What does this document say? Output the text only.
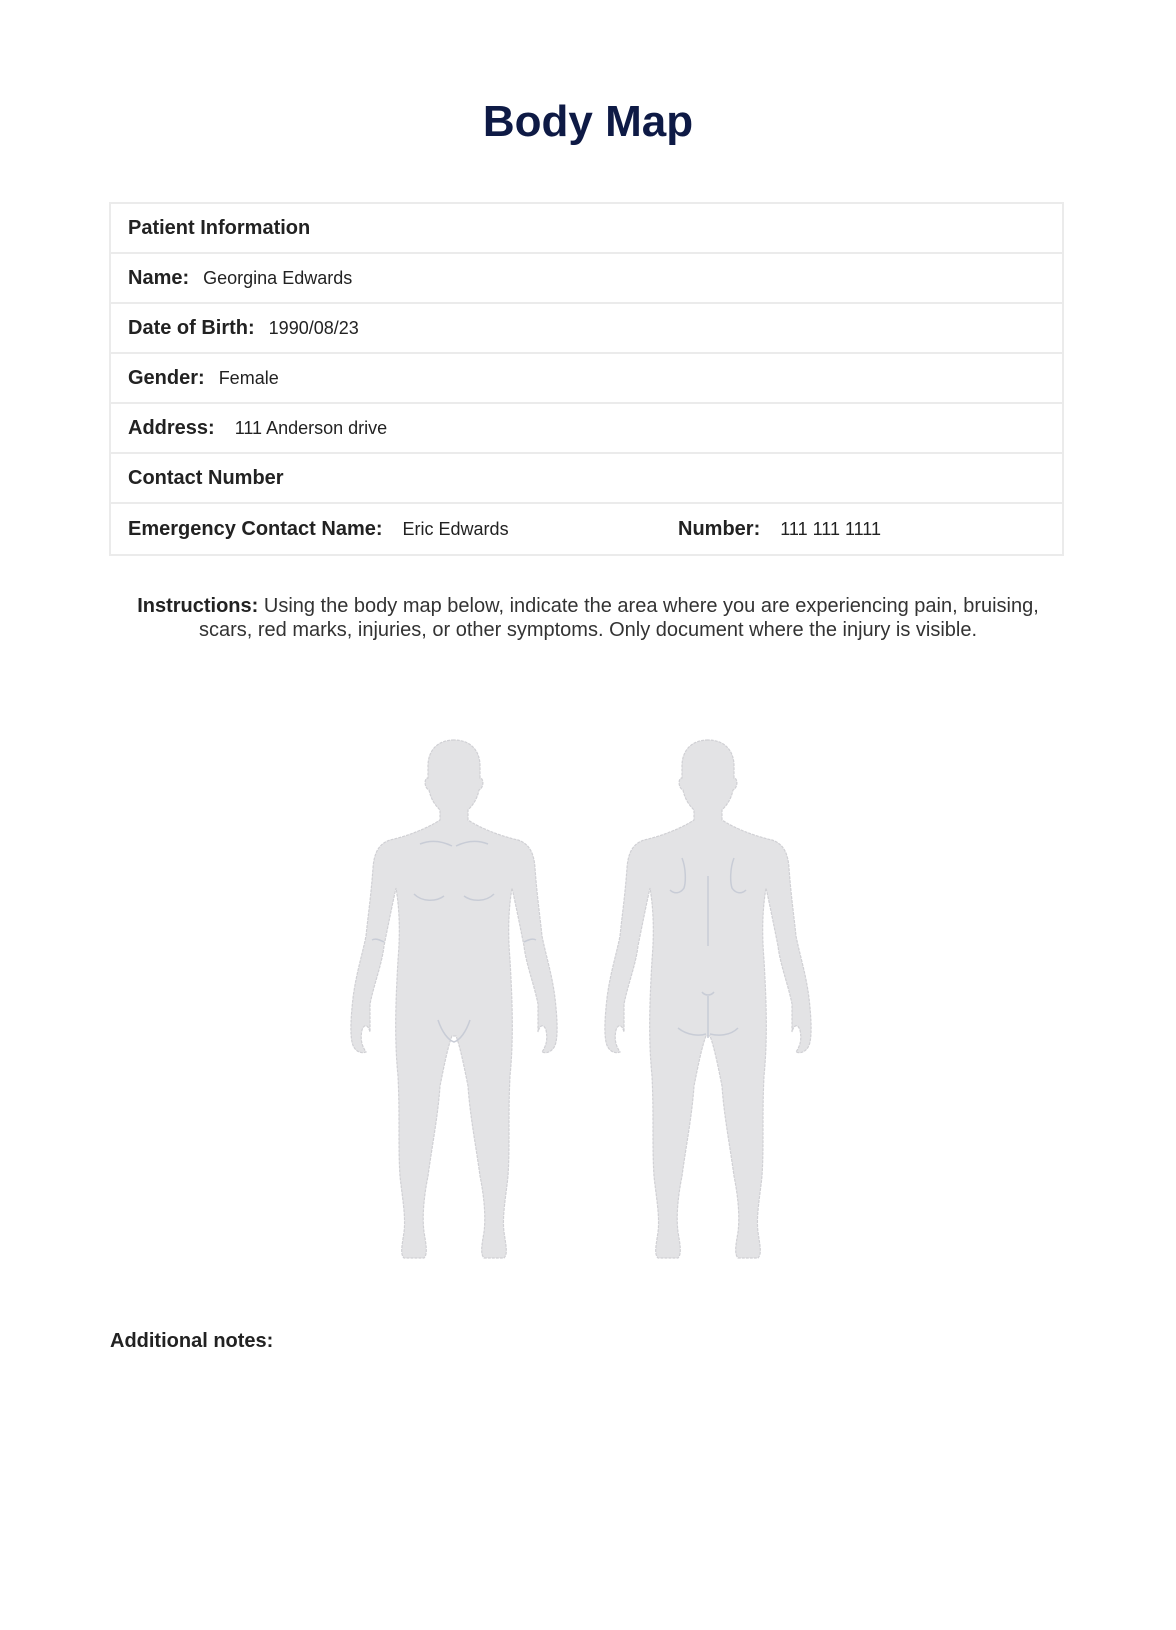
Body Map
Patient Information
Name: Georgina Edwards
Date of Birth: 1990/08/23
Gender: Female
Address: 111 Anderson drive
Contact Number
Emergency Contact Name: Eric Edwards	Number: 111 111 1111
Instructions: Using the body map below, indicate the area where you are experiencing pain, bruising, scars, red marks, injuries, or other symptoms. Only document where the injury is visible.
Additional notes:
